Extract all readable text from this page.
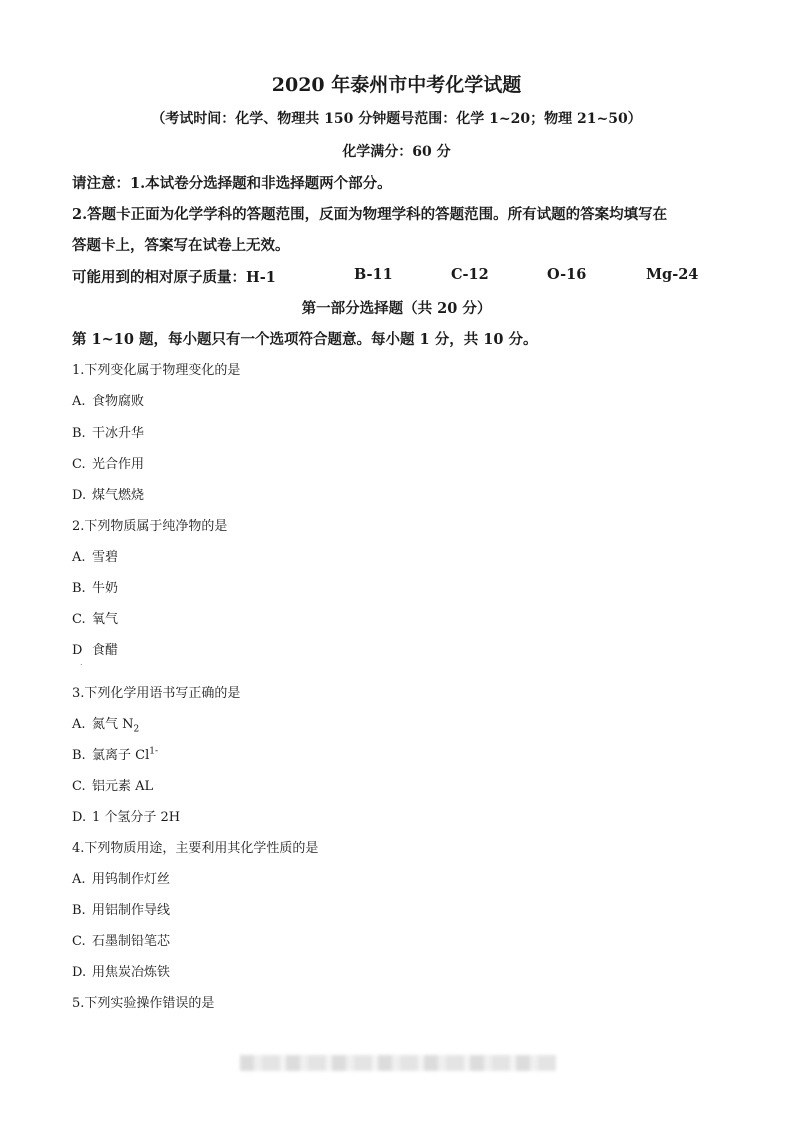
2020 年泰州市中考化学试题
（考试时间：化学、物理共 150 分钟题号范围：化学 1~20；物理 21~50）
化学满分：60 分
请注意：1.本试卷分选择题和非选择题两个部分。
2.答题卡正面为化学学科的答题范围，反面为物理学科的答题范围。所有试题的答案均填写在
答题卡上，答案写在试卷上无效。
可能用到的相对原子质量：H-1	B-11	C-12	O-16	Mg-24
第一部分选择题（共 20 分）
第 1~10 题，每小题只有一个选项符合题意。每小题 1 分，共 10 分。
1.下列变化属于物理变化的是
A. 食物腐败
B. 干冰升华
C. 光合作用
D. 煤气燃烧
2.下列物质属于纯净物的是
A. 雪碧
B. 牛奶
C. 氧气
D 食醋
.
3.下列化学用语书写正确的是
A. 氮气 $N_2$
B. 氯离子 $Cl^{1-}$
C. 铝元素 AL
D. 1 个氢分子 2H
4.下列物质用途，主要利用其化学性质的是
A. 用钨制作灯丝
B. 用铝制作导线
C. 石墨制铅笔芯
D. 用焦炭冶炼铁
5.下列实验操作错误的是
